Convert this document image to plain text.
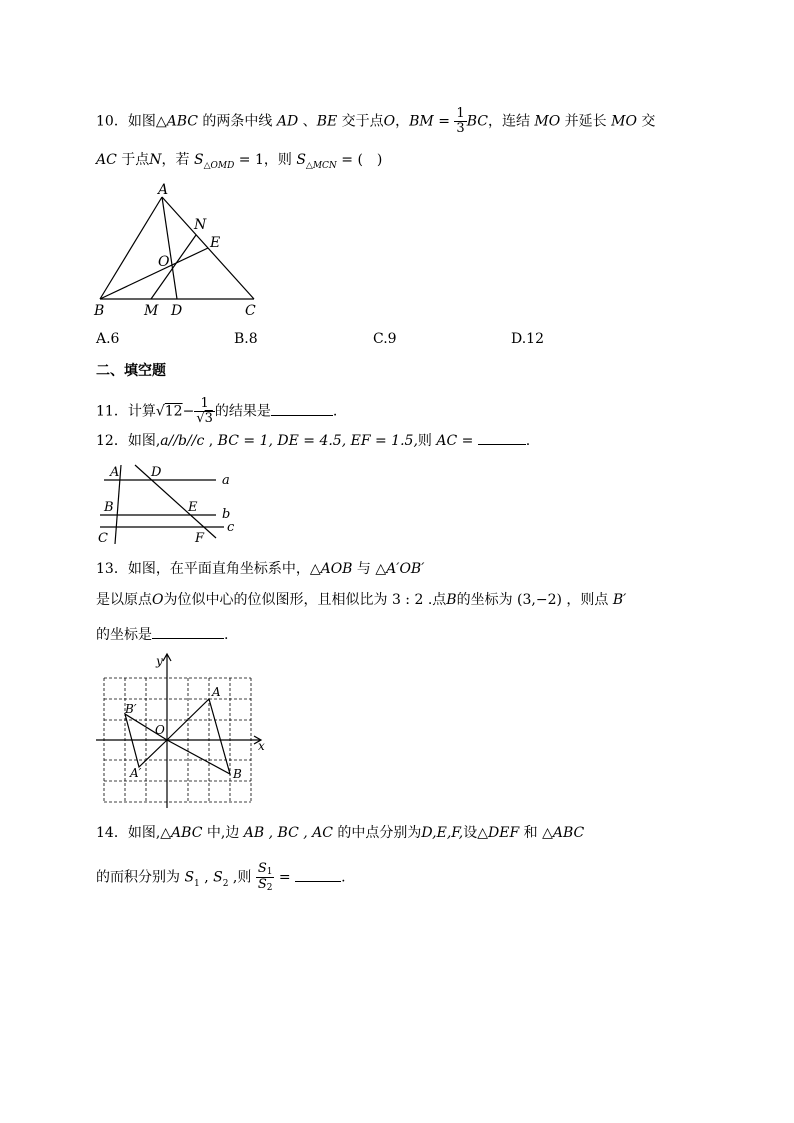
10．如图△ABC 的两条中线 AD 、BE 交于点O，BM = $\frac{1}{3}$ BC，连结 MO 并延长 MO 交
AC 于点N，若 $S_{\triangle OMD} = 1$，则 $S_{\triangle MCN}$ = (　)
A
N
E
O
B	M D	C
A.6	B.8	C.9	D.12
二、填空题
11．计算$√12- \frac{1}{√3}$ 的结果是	.
12．如图,a//b//c , BC = 1, DE = 4.5, EF = 1.5,则 AC =	.
A D
a
B	E b
C	F
c
13．如图，在平面直角坐标系中，△AOB 与 △A′OB′
是以原点O为位似中心的位似图形，且相似比为 3 : 2 .点B的坐标为 (3,−2) ，则点 B′
的坐标是	.
y
x
O
A
B
A′
B′
14．如图,△ABC 中,边 AB , BC , AC 的中点分别为D,E,F,设△DEF 和 △ABC
的而积分别为 $S_1$ , $S_2$ ,则 $\frac{S1}{S2}$ =	.
